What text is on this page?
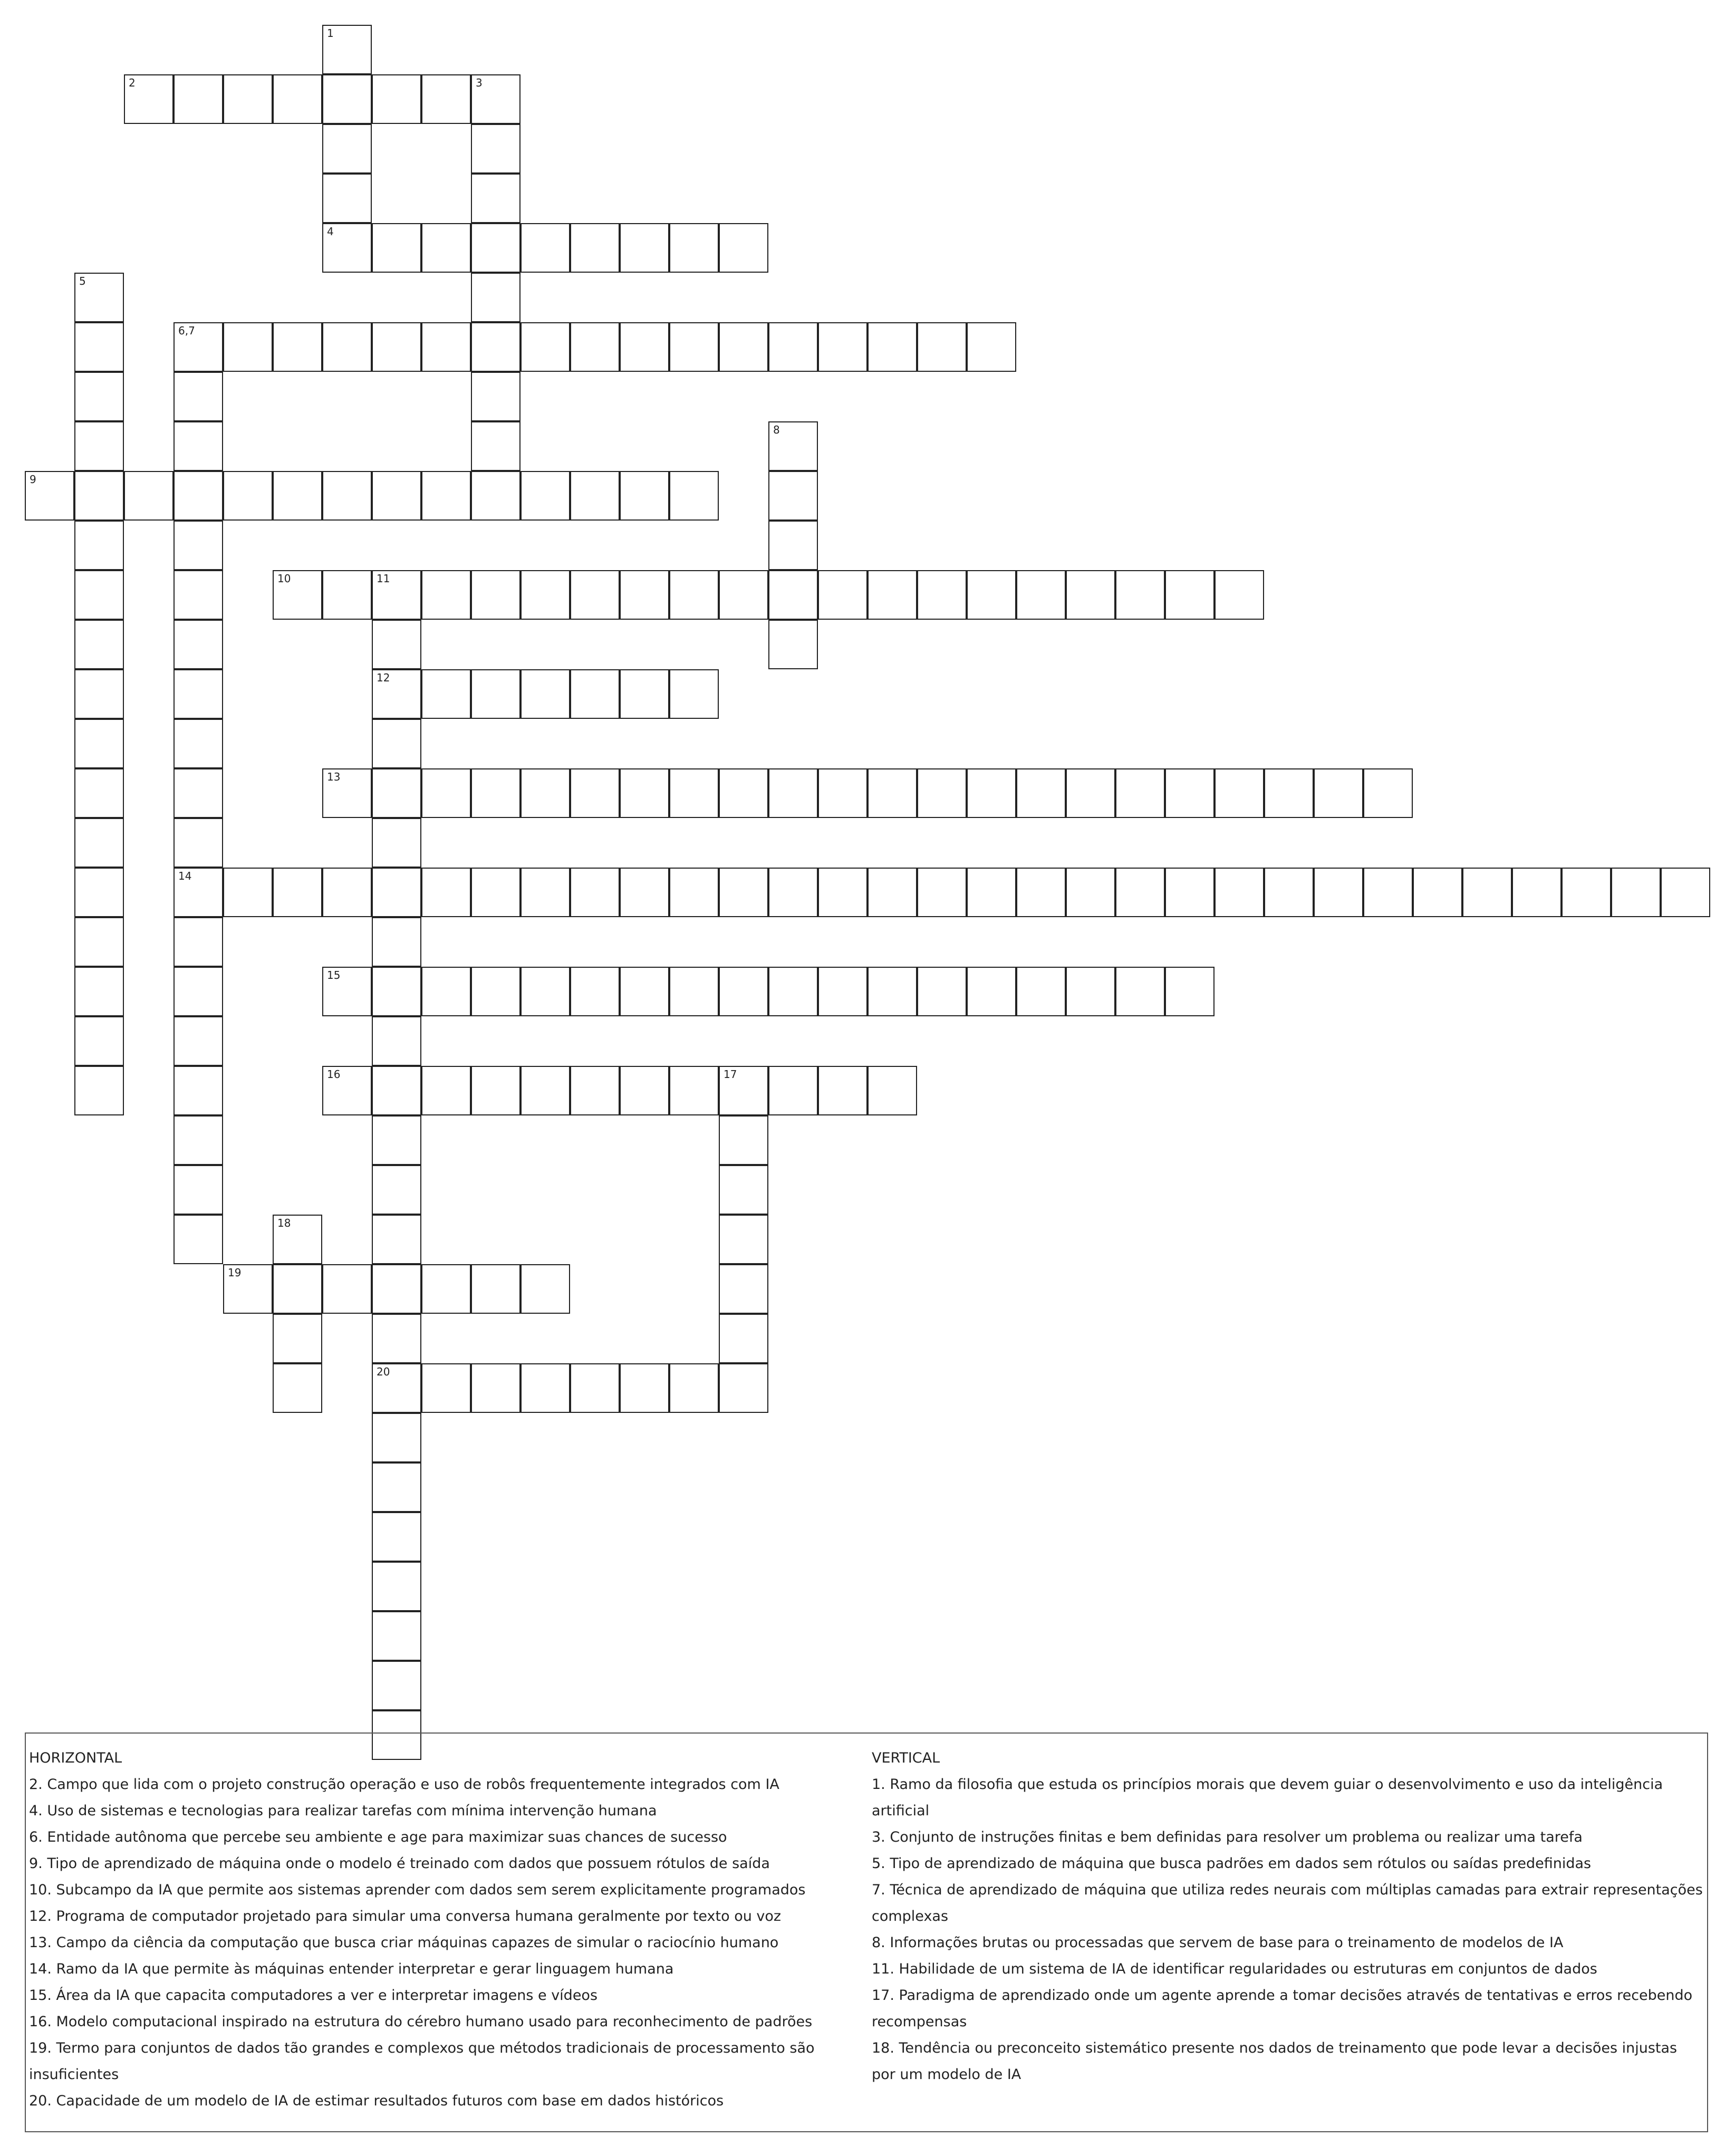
1
4
2	3
5
6,7
14
8
9
10	11
12
20
13
15
16	17
18
19
HORIZONTAL
2. Campo que lida com o projeto construção operação e uso de robôs frequentemente integrados com IA
4. Uso de sistemas e tecnologias para realizar tarefas com mínima intervenção humana
6. Entidade autônoma que percebe seu ambiente e age para maximizar suas chances de sucesso
9. Tipo de aprendizado de máquina onde o modelo é treinado com dados que possuem rótulos de saída
10. Subcampo da IA que permite aos sistemas aprender com dados sem serem explicitamente programados
12. Programa de computador projetado para simular uma conversa humana geralmente por texto ou voz
13. Campo da ciência da computação que busca criar máquinas capazes de simular o raciocínio humano
14. Ramo da IA que permite às máquinas entender interpretar e gerar linguagem humana
15. Área da IA que capacita computadores a ver e interpretar imagens e vídeos
16. Modelo computacional inspirado na estrutura do cérebro humano usado para reconhecimento de padrões
19. Termo para conjuntos de dados tão grandes e complexos que métodos tradicionais de processamento são insuficientes
20. Capacidade de um modelo de IA de estimar resultados futuros com base em dados históricos
VERTICAL
1. Ramo da filosofia que estuda os princípios morais que devem guiar o desenvolvimento e uso da inteligência artificial
3. Conjunto de instruções finitas e bem definidas para resolver um problema ou realizar uma tarefa
5. Tipo de aprendizado de máquina que busca padrões em dados sem rótulos ou saídas predefinidas
7. Técnica de aprendizado de máquina que utiliza redes neurais com múltiplas camadas para extrair representações complexas
8. Informações brutas ou processadas que servem de base para o treinamento de modelos de IA
11. Habilidade de um sistema de IA de identificar regularidades ou estruturas em conjuntos de dados
17. Paradigma de aprendizado onde um agente aprende a tomar decisões através de tentativas e erros recebendo recompensas
18. Tendência ou preconceito sistemático presente nos dados de treinamento que pode levar a decisões injustas por um modelo de IA
